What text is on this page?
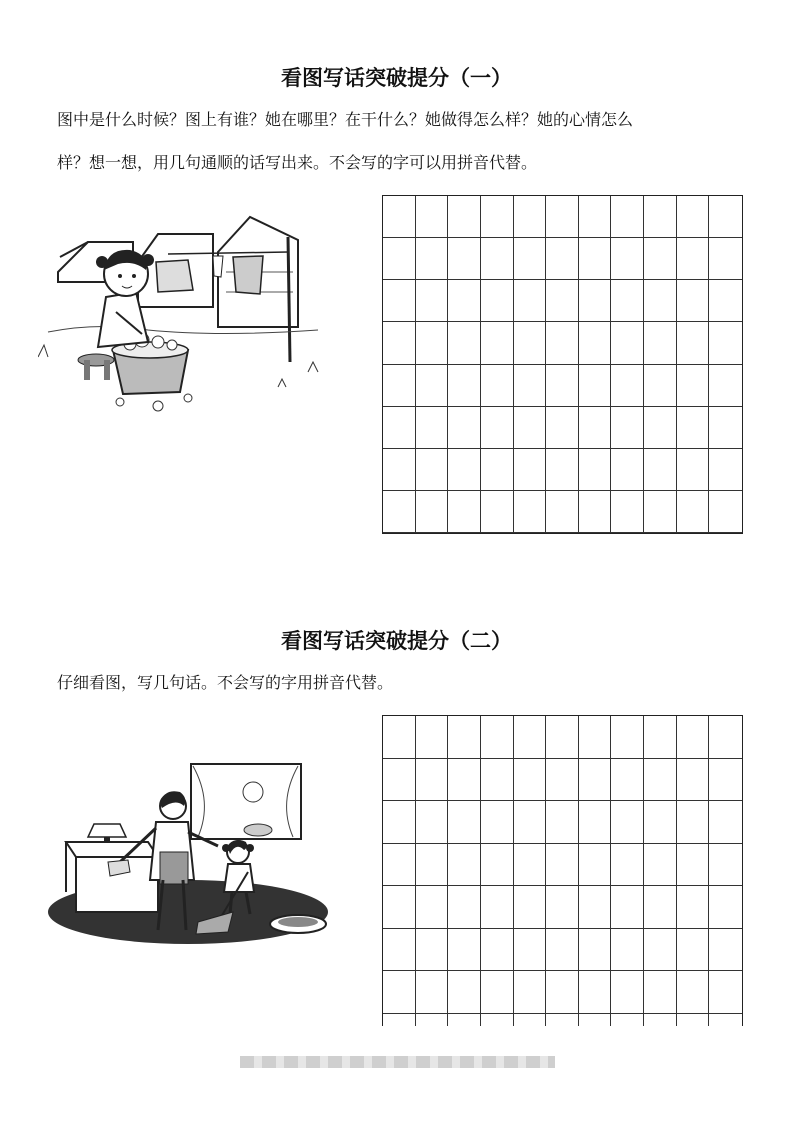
看图写话突破提分（一）
图中是什么时候？图上有谁？她在哪里？在干什么？她做得怎么样？她的心情怎么
样？想一想，用几句通顺的话写出来。不会写的字可以用拼音代替。
看图写话突破提分（二）
仔细看图，写几句话。不会写的字用拼音代替。
